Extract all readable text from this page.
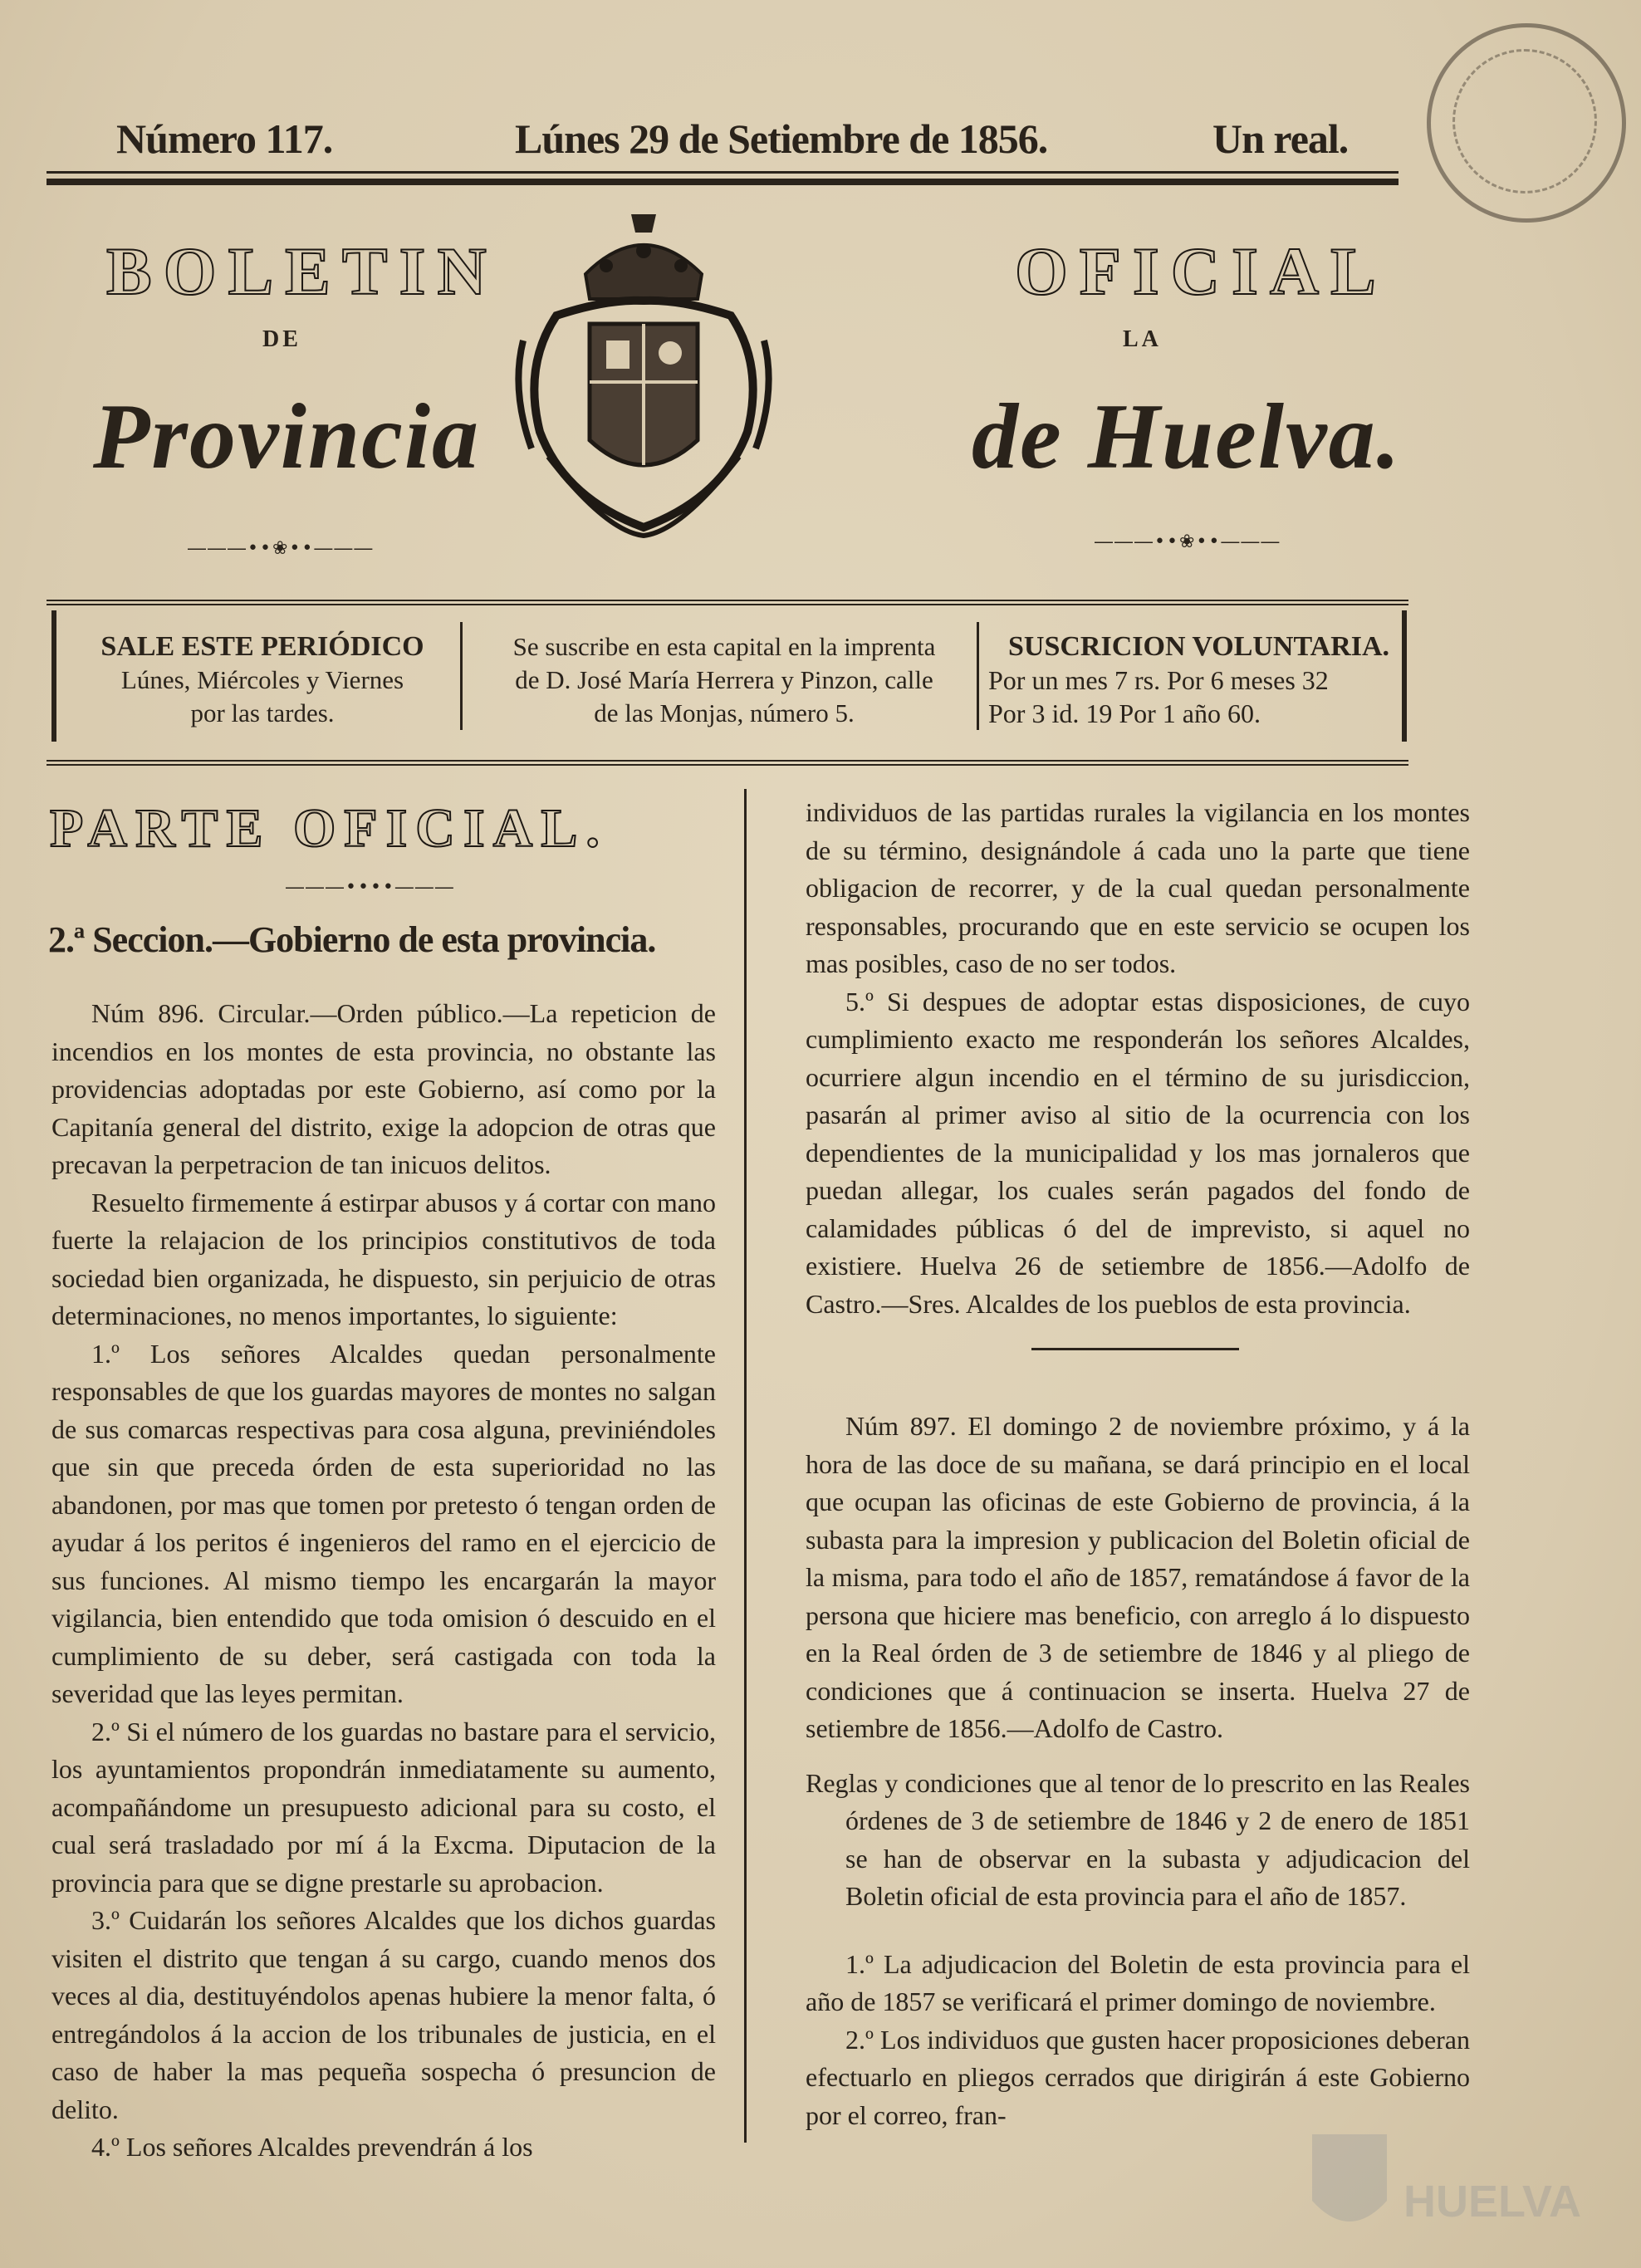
Número 117.	Lúnes 29 de Setiembre de 1856.	Un real.
BOLETIN	OFICIAL
DE	LA
Provincia	de Huelva.
―――••❀••―――	―――••❀••―――
SALE ESTE PERIÓDICO
Lúnes, Miércoles y Viernes
por las tardes.
Se suscribe en esta capital en la imprenta
de D. José María Herrera y Pinzon, calle
de las Monjas, número 5.
SUSCRICION VOLUNTARIA.
Por un mes 7 rs. Por 6 meses 32
Por 3 id. 19 Por 1 año 60.
PARTE OFICIAL.
―――••••―――
2.ª Seccion.—Gobierno de esta provincia.

Núm 896. Circular.—Orden público.—La repeticion de incendios en los montes de esta provincia, no obstante las providencias adoptadas por este Gobierno, así como por la Capitanía general del distrito, exige la adopcion de otras que precavan la perpetracion de tan inicuos delitos.

Resuelto firmemente á estirpar abusos y á cortar con mano fuerte la relajacion de los principios constitutivos de toda sociedad bien organizada, he dispuesto, sin perjuicio de otras determinaciones, no menos importantes, lo siguiente:

1.º Los señores Alcaldes quedan personalmente responsables de que los guardas mayores de montes no salgan de sus comarcas respectivas para cosa alguna, previniéndoles que sin que preceda órden de esta superioridad no las abandonen, por mas que tomen por pretesto ó tengan orden de ayudar á los peritos é ingenieros del ramo en el ejercicio de sus funciones. Al mismo tiempo les encargarán la mayor vigilancia, bien entendido que toda omision ó descuido en el cumplimiento de su deber, será castigada con toda la severidad que las leyes permitan.

2.º Si el número de los guardas no bastare para el servicio, los ayuntamientos propondrán inmediatamente su aumento, acompañándome un presupuesto adicional para su costo, el cual será trasladado por mí á la Excma. Diputacion de la provincia para que se digne prestarle su aprobacion.

3.º Cuidarán los señores Alcaldes que los dichos guardas visiten el distrito que tengan á su cargo, cuando menos dos veces al dia, destituyéndolos apenas hubiere la menor falta, ó entregándolos á la accion de los tribunales de justicia, en el caso de haber la mas pequeña sospecha ó presuncion de delito.

4.º Los señores Alcaldes prevendrán á los

individuos de las partidas rurales la vigilancia en los montes de su término, designándole á cada uno la parte que tiene obligacion de recorrer, y de la cual quedan personalmente responsables, procurando que en este servicio se ocupen los mas posibles, caso de no ser todos.

5.º Si despues de adoptar estas disposiciones, de cuyo cumplimiento exacto me responderán los señores Alcaldes, ocurriere algun incendio en el término de su jurisdiccion, pasarán al primer aviso al sitio de la ocurrencia con los dependientes de la municipalidad y los mas jornaleros que puedan allegar, los cuales serán pagados del fondo de calamidades públicas ó del de imprevisto, si aquel no existiere. Huelva 26 de setiembre de 1856.—Adolfo de Castro.—Sres. Alcaldes de los pueblos de esta provincia.

Núm 897. El domingo 2 de noviembre próximo, y á la hora de las doce de su mañana, se dará principio en el local que ocupan las oficinas de este Gobierno de provincia, á la subasta para la impresion y publicacion del Boletin oficial de la misma, para todo el año de 1857, rematándose á favor de la persona que hiciere mas beneficio, con arreglo á lo dispuesto en la Real órden de 3 de setiembre de 1846 y al pliego de condiciones que á continuacion se inserta. Huelva 27 de setiembre de 1856.—Adolfo de Castro.

Reglas y condiciones que al tenor de lo prescrito en las Reales órdenes de 3 de setiembre de 1846 y 2 de enero de 1851 se han de observar en la subasta y adjudicacion del Boletin oficial de esta provincia para el año de 1857.

1.º La adjudicacion del Boletin de esta provincia para el año de 1857 se verificará el primer domingo de noviembre.

2.º Los individuos que gusten hacer proposiciones deberan efectuarlo en pliegos cerrados que dirigirán á este Gobierno por el correo, fran-

HUELVA
